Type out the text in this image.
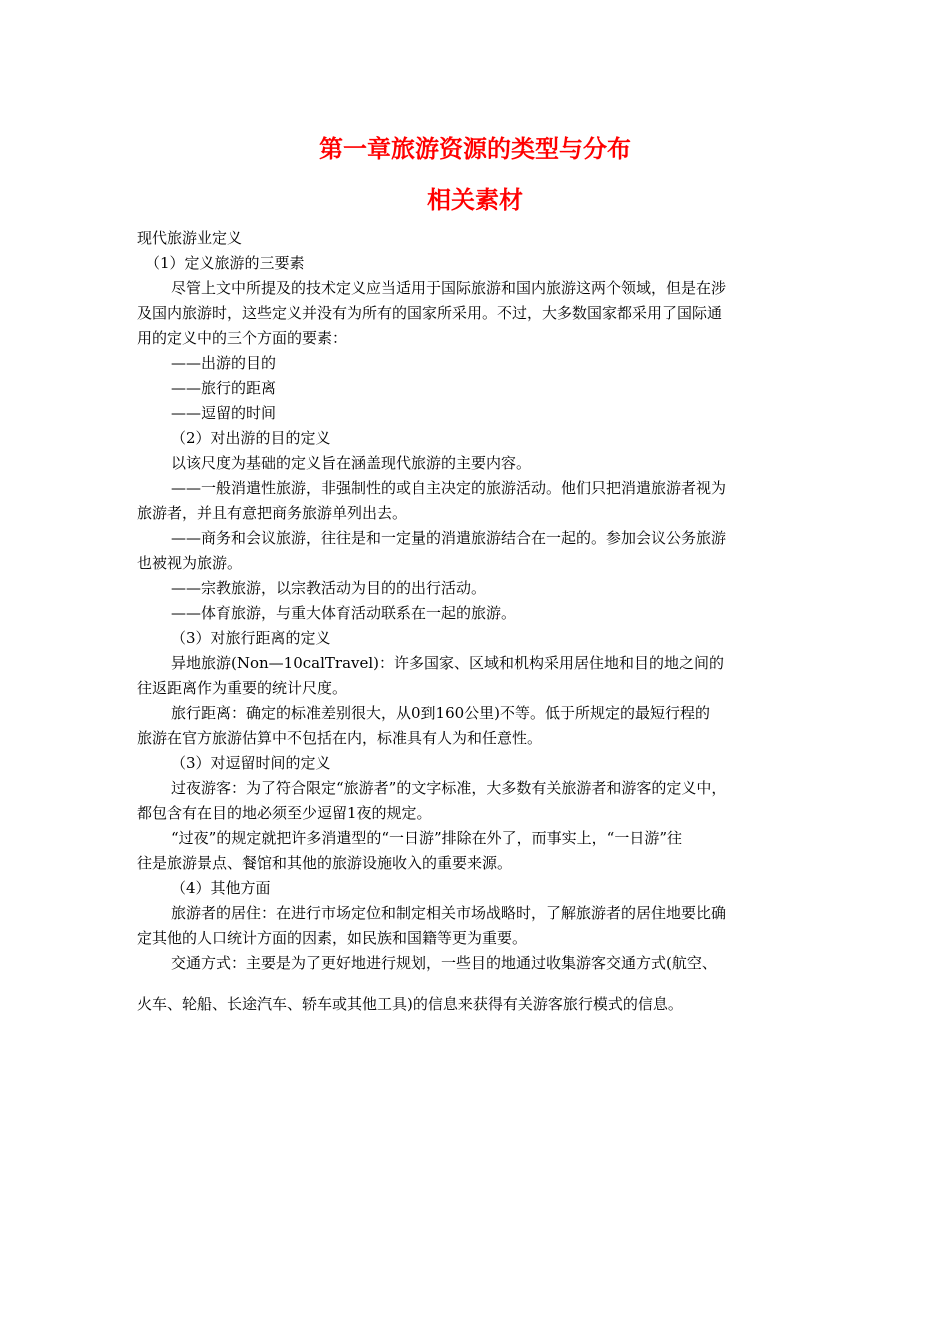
第一章旅游资源的类型与分布
相关素材

现代旅游业定义

（1）定义旅游的三要素

尽管上文中所提及的技术定义应当适用于国际旅游和国内旅游这两个领域，但是在涉

及国内旅游时，这些定义并没有为所有的国家所采用。不过，大多数国家都采用了国际通

用的定义中的三个方面的要素：

——出游的目的

——旅行的距离

——逗留的时间

（2）对出游的目的定义

以该尺度为基础的定义旨在涵盖现代旅游的主要内容。

——一般消遣性旅游，非强制性的或自主决定的旅游活动。他们只把消遣旅游者视为

旅游者，并且有意把商务旅游单列出去。

——商务和会议旅游，往往是和一定量的消遣旅游结合在一起的。参加会议公务旅游

也被视为旅游。

——宗教旅游，以宗教活动为目的的出行活动。

——体育旅游，与重大体育活动联系在一起的旅游。

（3）对旅行距离的定义

异地旅游(Non—10calTravel)：许多国家、区域和机构采用居住地和目的地之间的

往返距离作为重要的统计尺度。

旅行距离：确定的标准差别很大，从0到160公里)不等。低于所规定的最短行程的

旅游在官方旅游估算中不包括在内，标准具有人为和任意性。

（3）对逗留时间的定义

过夜游客：为了符合限定“旅游者”的文字标准，大多数有关旅游者和游客的定义中，

都包含有在目的地必须至少逗留1夜的规定。

“过夜”的规定就把许多消遣型的“一日游”排除在外了，而事实上，“一日游”往

往是旅游景点、餐馆和其他的旅游设施收入的重要来源。

（4）其他方面

旅游者的居住：在进行市场定位和制定相关市场战略时，了解旅游者的居住地要比确

定其他的人口统计方面的因素，如民族和国籍等更为重要。

交通方式：主要是为了更好地进行规划，一些目的地通过收集游客交通方式(航空、

火车、轮船、长途汽车、轿车或其他工具)的信息来获得有关游客旅行模式的信息。
